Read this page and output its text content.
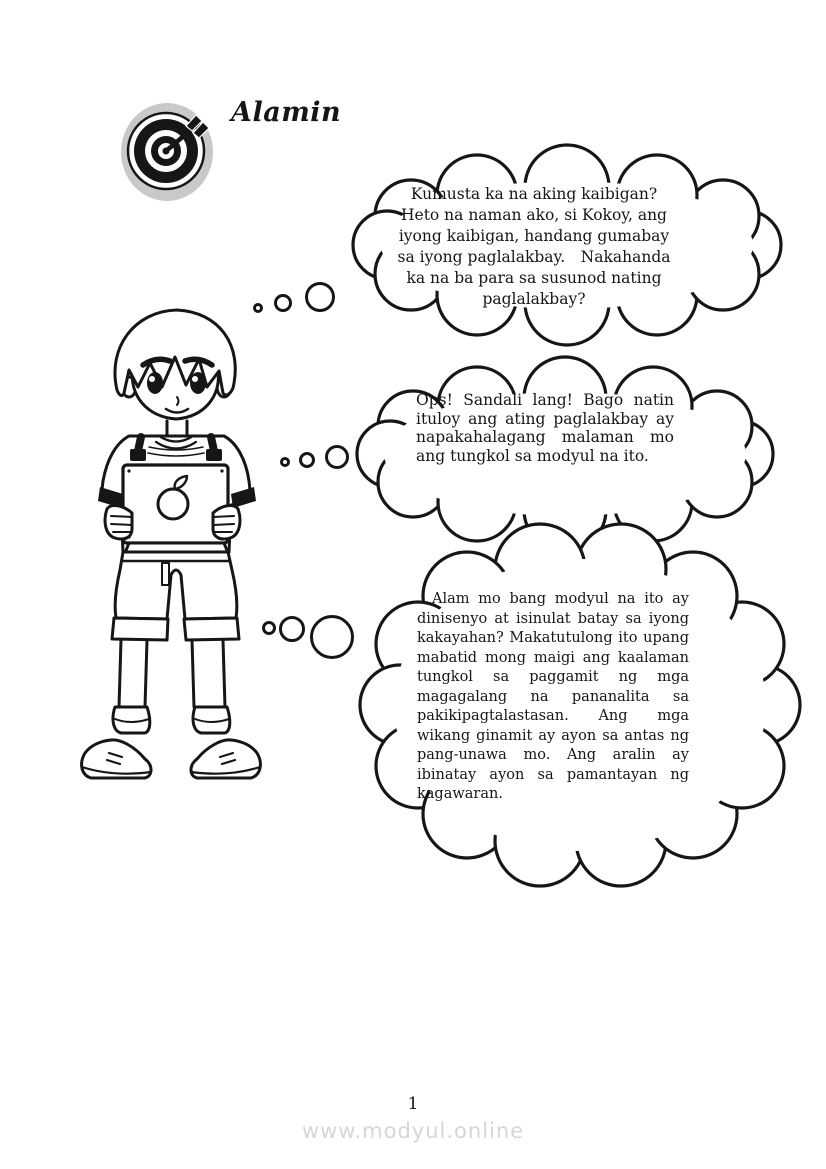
Alamin

Kumusta ka na aking kaibigan? Heto na naman ako, si Kokoy, ang iyong kaibigan, handang gumabay sa iyong paglalakbay. Nakahanda ka na ba para sa susunod nating paglalakbay?

Ops! Sandali lang! Bago natin ituloy ang ating paglalakbay ay napakahalagang malaman mo ang tungkol sa modyul na ito.

Alam mo bang modyul na ito ay dinisenyo at isinulat batay sa iyong kakayahan? Makatutulong ito upang mabatid mong maigi ang kaalaman tungkol sa paggamit ng mga magagalang na pananalita sa pakikipagtalastasan. Ang mga wikang ginamit ay ayon sa antas ng pang-unawa mo. Ang aralin ay ibinatay ayon sa pamantayan ng kagawaran.

1
www.modyul.online
